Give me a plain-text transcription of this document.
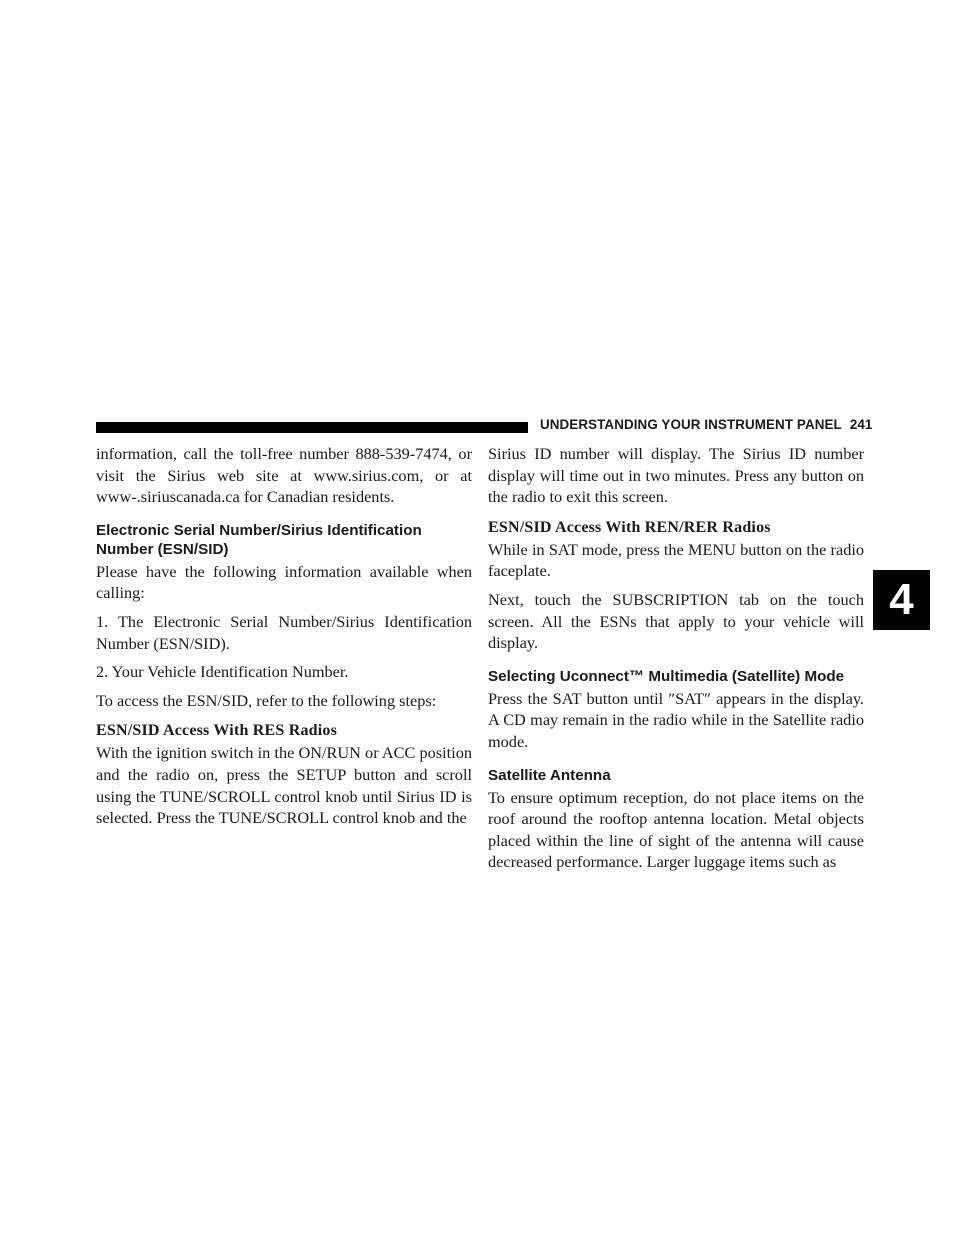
UNDERSTANDING YOUR INSTRUMENT PANEL 241
4

information, call the toll-free number 888-539-7474, or visit the Sirius web site at www.sirius.com, or at www-.siriuscanada.ca for Canadian residents.

Electronic Serial Number/Sirius Identification
Number (ESN/SID)

Please have the following information available when calling:

1. The Electronic Serial Number/Sirius Identification Number (ESN/SID).

2. Your Vehicle Identification Number.

To access the ESN/SID, refer to the following steps:

ESN/SID Access With RES Radios

With the ignition switch in the ON/RUN or ACC position and the radio on, press the SETUP button and scroll using the TUNE/SCROLL control knob until Sirius ID is selected. Press the TUNE/SCROLL control knob and the

Sirius ID number will display. The Sirius ID number display will time out in two minutes. Press any button on the radio to exit this screen.

ESN/SID Access With REN/RER Radios

While in SAT mode, press the MENU button on the radio faceplate.

Next, touch the SUBSCRIPTION tab on the touch screen. All the ESNs that apply to your vehicle will display.

Selecting Uconnect™ Multimedia (Satellite) Mode

Press the SAT button until ″SAT″ appears in the display. A CD may remain in the radio while in the Satellite radio mode.

Satellite Antenna

To ensure optimum reception, do not place items on the roof around the rooftop antenna location. Metal objects placed within the line of sight of the antenna will cause decreased performance. Larger luggage items such as
